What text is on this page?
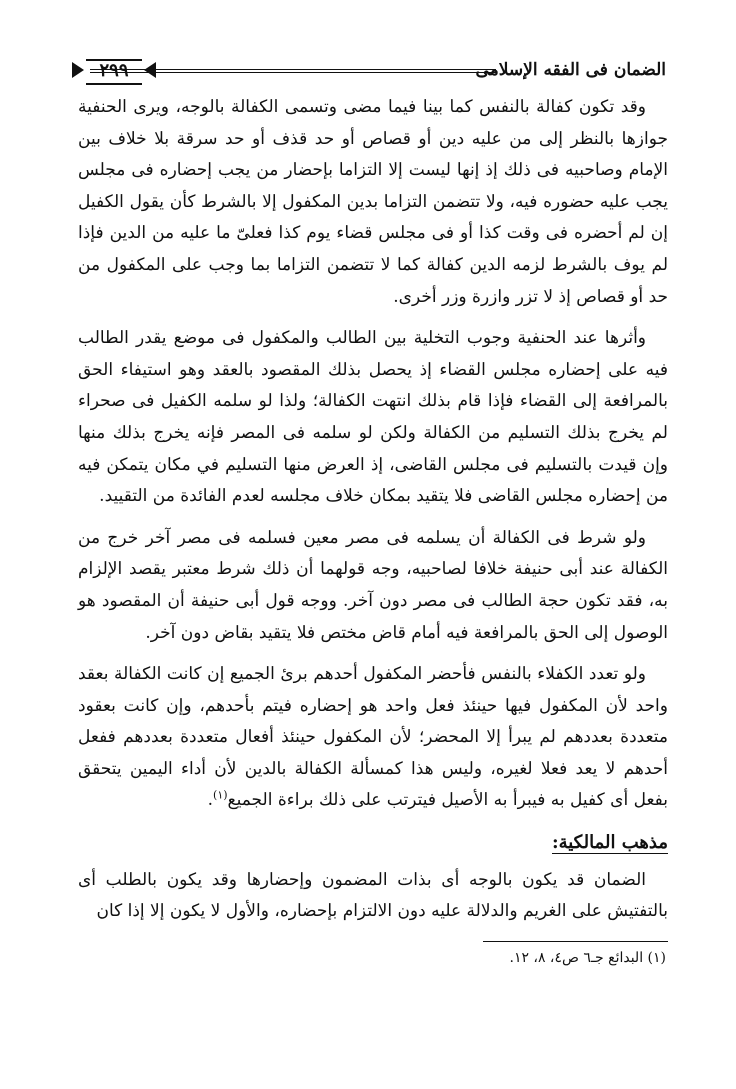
الضمان فى الفقه الإسلامى
٢٩٩

وقد تكون كفالة بالنفس كما بينا فيما مضى وتسمى الكفالة بالوجه، ويرى الحنفية جوازها بالنظر إلى من عليه دين أو قصاص أو حد قذف أو حد سرقة بلا خلاف بين الإمام وصاحبيه فى ذلك إذ إنها ليست إلا التزاما بإحضار من يجب إحضاره فى مجلس يجب عليه حضوره فيه، ولا تتضمن التزاما بدين المكفول إلا بالشرط كأن يقول الكفيل إن لم أحضره فى وقت كذا أو فى مجلس قضاء يوم كذا فعلىّ ما عليه من الدين فإذا لم يوف بالشرط لزمه الدين كفالة كما لا تتضمن التزاما بما وجب على المكفول من حد أو قصاص إذ لا تزر وازرة وزر أخرى.

وأثرها عند الحنفية وجوب التخلية بين الطالب والمكفول فى موضع يقدر الطالب فيه على إحضاره مجلس القضاء إذ يحصل بذلك المقصود بالعقد وهو استيفاء الحق بالمرافعة إلى القضاء فإذا قام بذلك انتهت الكفالة؛ ولذا لو سلمه الكفيل فى صحراء لم يخرج بذلك التسليم من الكفالة ولكن لو سلمه فى المصر فإنه يخرج بذلك منها وإن قيدت بالتسليم فى مجلس القاضى، إذ العرض منها التسليم في مكان يتمكن فيه من إحضاره مجلس القاضى فلا يتقيد بمكان خلاف مجلسه لعدم الفائدة من التقييد.

ولو شرط فى الكفالة أن يسلمه فى مصر معين فسلمه فى مصر آخر خرج من الكفالة عند أبى حنيفة خلافا لصاحبيه، وجه قولهما أن ذلك شرط معتبر يقصد الإلزام به، فقد تكون حجة الطالب فى مصر دون آخر. ووجه قول أبى حنيفة أن المقصود هو الوصول إلى الحق بالمرافعة فيه أمام قاض مختص فلا يتقيد بقاض دون آخر.

ولو تعدد الكفلاء بالنفس فأحضر المكفول أحدهم برئ الجميع إن كانت الكفالة بعقد واحد لأن المكفول فيها حينئذ فعل واحد هو إحضاره فيتم بأحدهم، وإن كانت بعقود متعددة بعددهم لم يبرأ إلا المحضر؛ لأن المكفول حينئذ أفعال متعددة بعددهم ففعل أحدهم لا يعد فعلا لغيره، وليس هذا كمسألة الكفالة بالدين لأن أداء اليمين يتحقق بفعل أى كفيل به فيبرأ به الأصيل فيترتب على ذلك براءة الجميع$^{(١)}$.

مذهب المالكية:

الضمان قد يكون بالوجه أى بذات المضمون وإحضارها وقد يكون بالطلب أى بالتفتيش على الغريم والدلالة عليه دون الالتزام بإحضاره، والأول لا يكون إلا إذا كان

(١) البدائع جـ٦ ص٤، ٨، ١٢.
